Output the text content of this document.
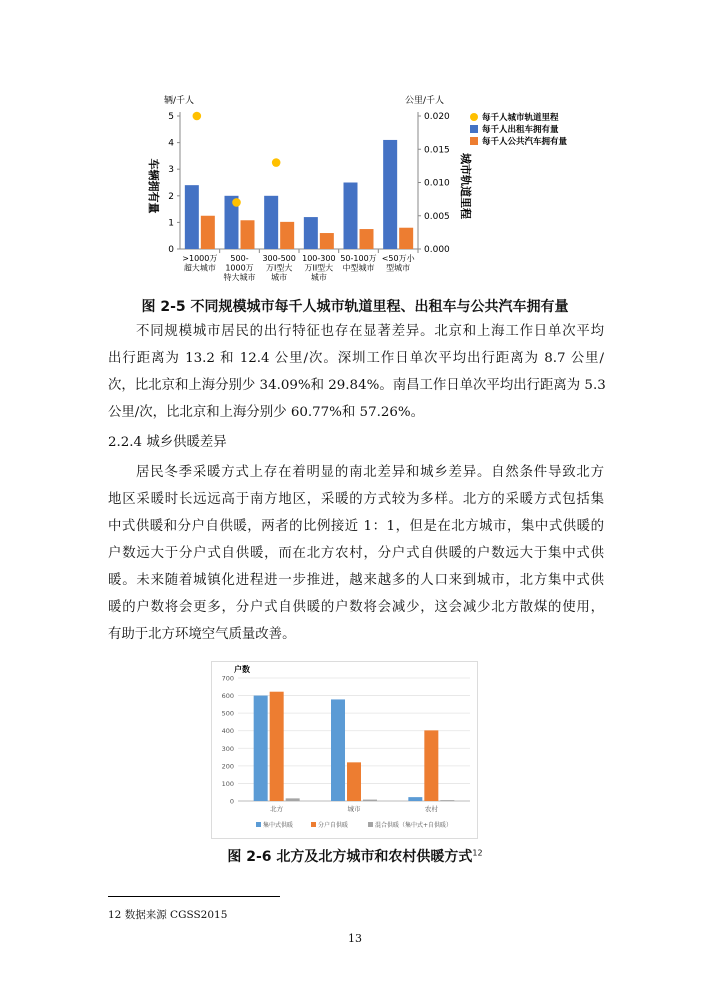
辆/千人	公里/千人
车辆拥有量	城市轨道里程
0
1
2
3
4
5
0.000
0.005
0.010
0.015
0.020
>1000万
超大城市
500-
1000万
特大城市
300-500
万I型大
城市
100-300
万II型大
城市
50-100万
中型城市
<50万小
型城市
每千人城市轨道里程
每千人出租车拥有量
每千人公共汽车拥有量
图 2-5 不同规模城市每千人城市轨道里程、出租车与公共汽车拥有量
不同规模城市居民的出行特征也存在显著差异。北京和上海工作日单次平均
出行距离为 13.2 和 12.4 公里/次。深圳工作日单次平均出行距离为 8.7 公里/
次，比北京和上海分别少 34.09%和 29.84%。南昌工作日单次平均出行距离为 5.3
公里/次，比北京和上海分别少 60.77%和 57.26%。
2.2.4 城乡供暖差异
居民冬季采暖方式上存在着明显的南北差异和城乡差异。自然条件导致北方
地区采暖时长远远高于南方地区，采暖的方式较为多样。北方的采暖方式包括集
中式供暖和分户自供暖，两者的比例接近 1：1，但是在北方城市，集中式供暖的
户数远大于分户式自供暖，而在北方农村，分户式自供暖的户数远大于集中式供
暖。未来随着城镇化进程进一步推进，越来越多的人口来到城市，北方集中式供
暖的户数将会更多，分户式自供暖的户数将会减少，这会减少北方散煤的使用，
有助于北方环境空气质量改善。
户数
0
100
200
300
400
500
600
700
北方	城市	农村
集中式供暖	分户自供暖	混合供暖（集中式+自供暖）
图 2-6 北方及北方城市和农村供暖方式$^{12}$
12 数据来源 CGSS2015
13
